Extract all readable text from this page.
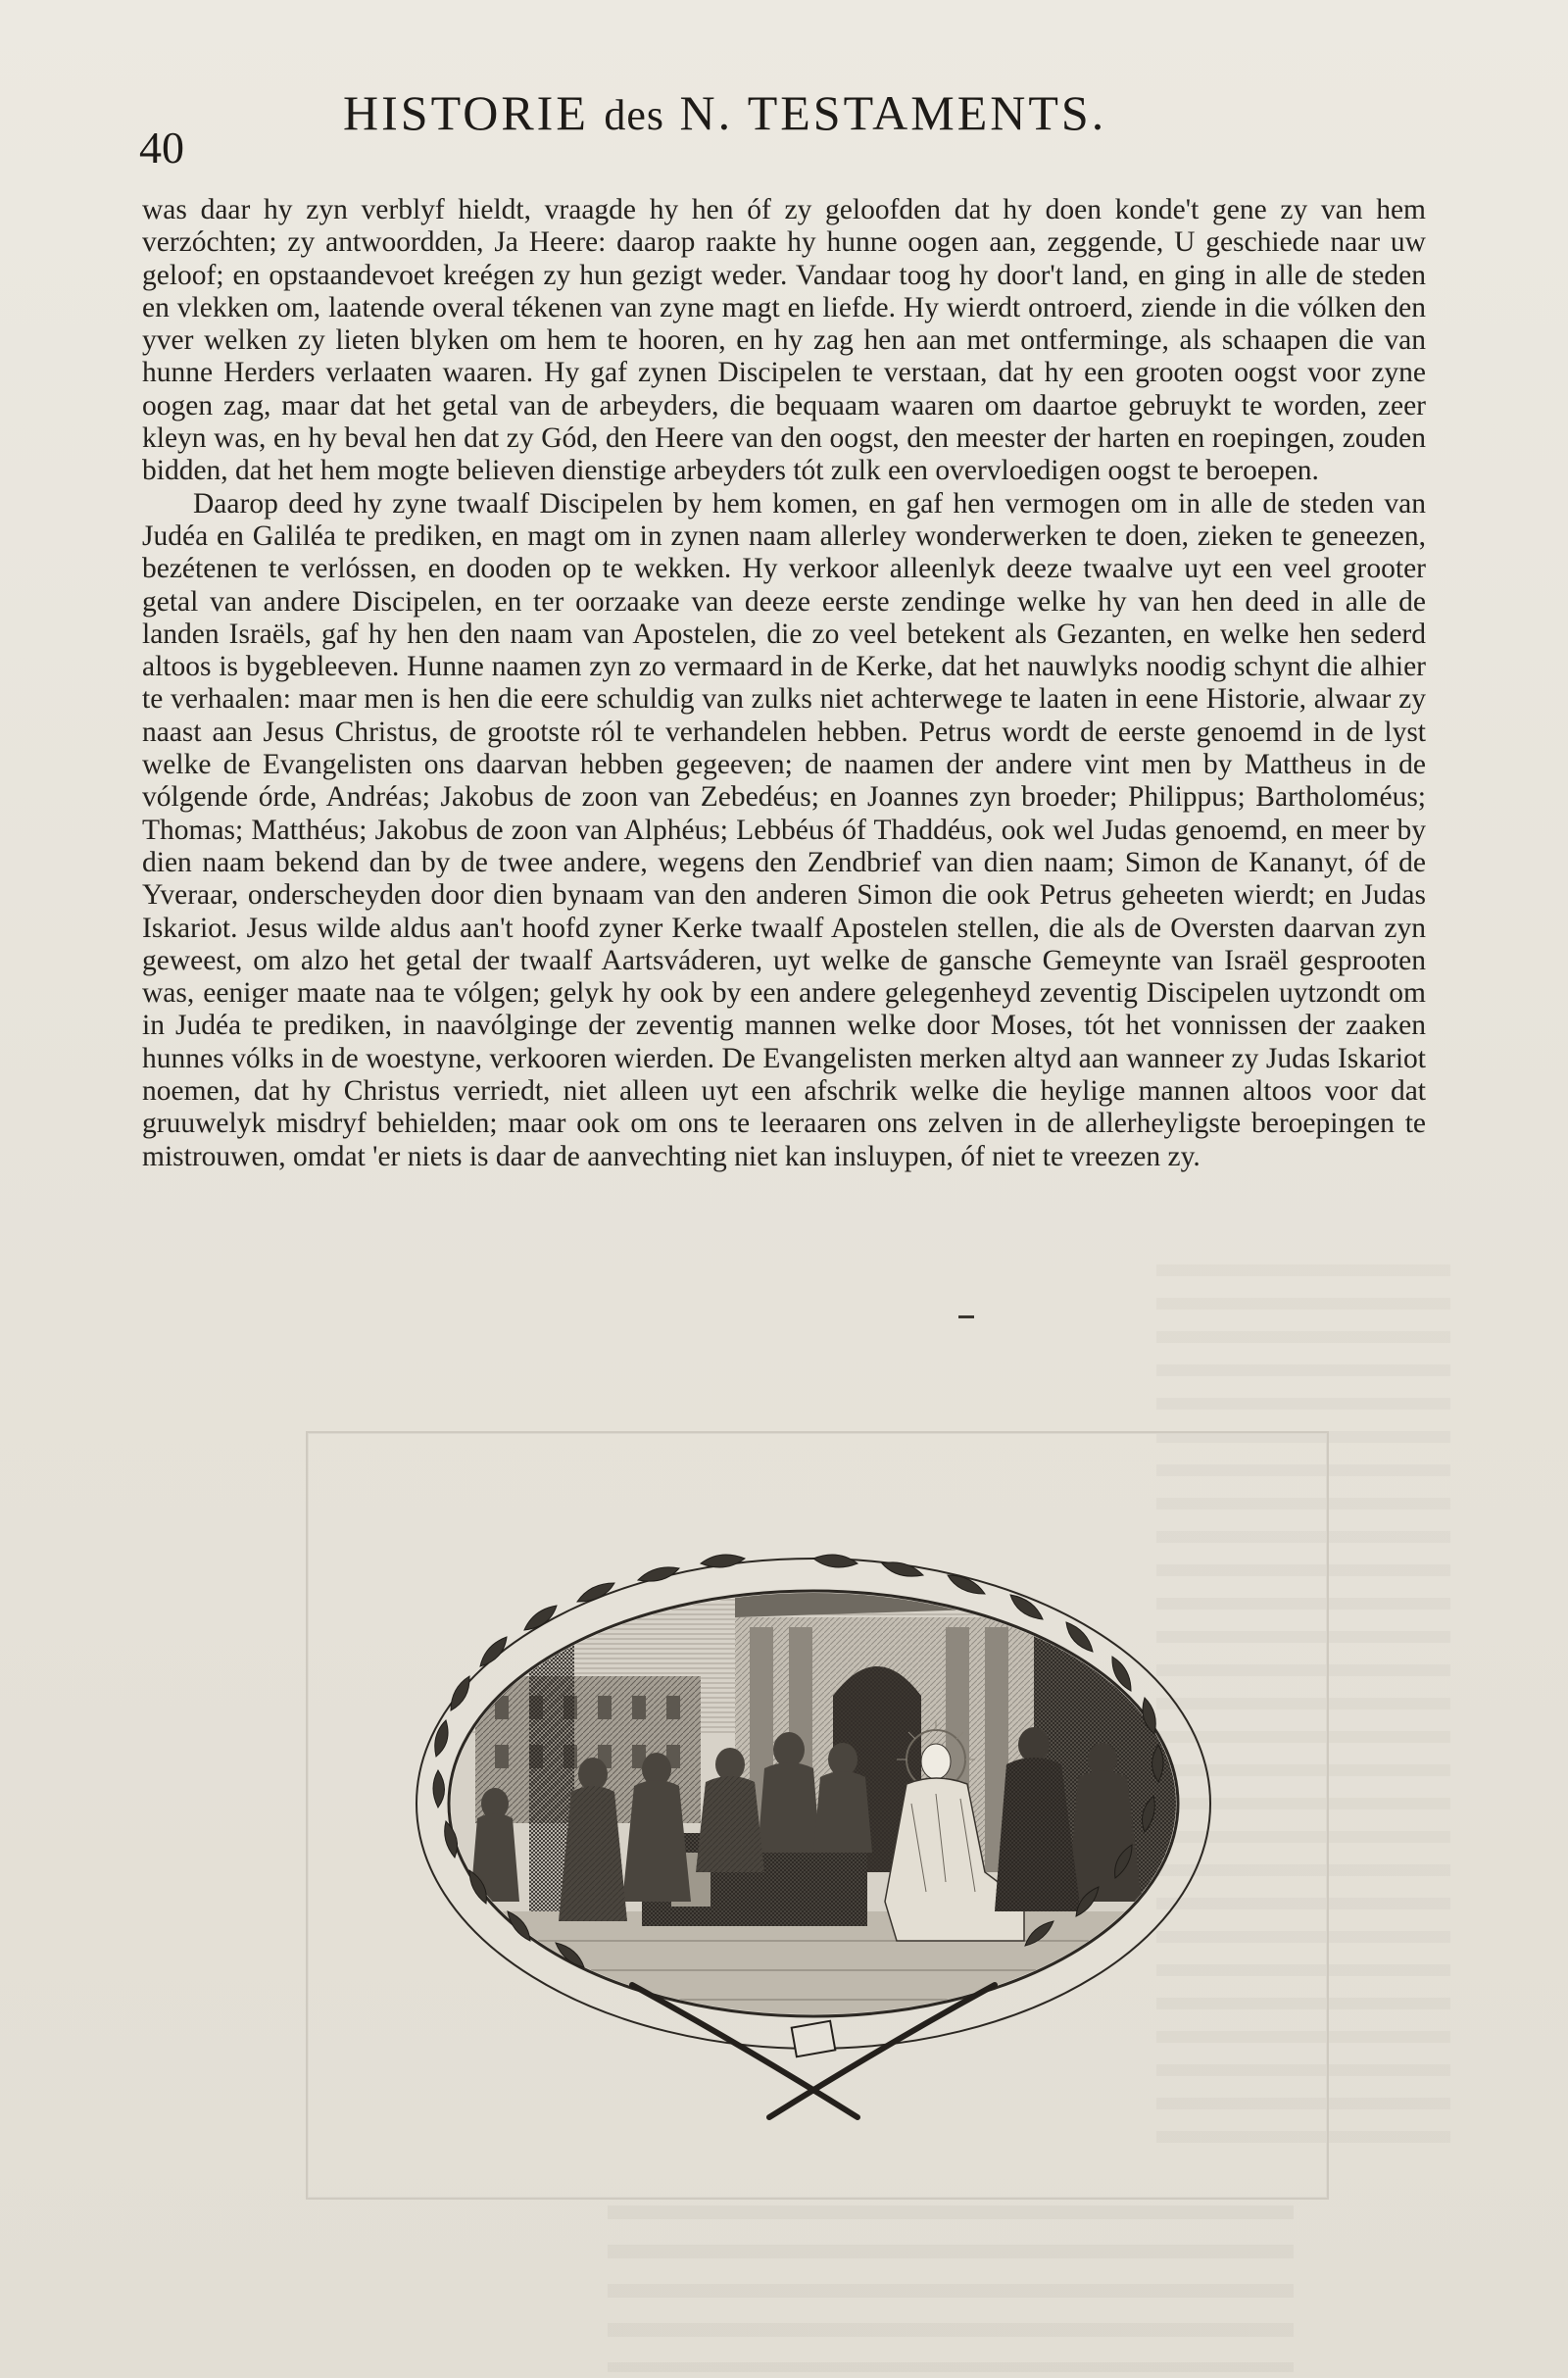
40
HISTORIE des N. TESTAMENTS.

was daar hy zyn verblyf hieldt, vraagde hy hen óf zy geloofden dat hy doen konde't gene zy van hem verzóchten; zy antwoordden, Ja Heere: daarop raakte hy hunne oogen aan, zeggende, U geschiede naar uw geloof; en opstaandevoet kreégen zy hun gezigt weder. Vandaar toog hy door't land, en ging in alle de steden en vlekken om, laatende overal tékenen van zyne magt en liefde. Hy wierdt ontroerd, ziende in die vólken den yver welken zy lieten blyken om hem te hooren, en hy zag hen aan met ontferminge, als schaapen die van hunne Herders verlaaten waaren. Hy gaf zynen Discipelen te verstaan, dat hy een grooten oogst voor zyne oogen zag, maar dat het getal van de arbeyders, die bequaam waaren om daartoe gebruykt te worden, zeer kleyn was, en hy beval hen dat zy Gód, den Heere van den oogst, den meester der harten en roepingen, zouden bidden, dat het hem mogte believen dienstige arbeyders tót zulk een overvloedigen oogst te beroepen.

Daarop deed hy zyne twaalf Discipelen by hem komen, en gaf hen vermogen om in alle de steden van Judéa en Galiléa te prediken, en magt om in zynen naam allerley wonderwerken te doen, zieken te geneezen, bezétenen te verlóssen, en dooden op te wekken. Hy verkoor alleenlyk deeze twaalve uyt een veel grooter getal van andere Discipelen, en ter oorzaake van deeze eerste zendinge welke hy van hen deed in alle de landen Israëls, gaf hy hen den naam van Apostelen, die zo veel betekent als Gezanten, en welke hen sederd altoos is bygebleeven. Hunne naamen zyn zo vermaard in de Kerke, dat het nauwlyks noodig schynt die alhier te verhaalen: maar men is hen die eere schuldig van zulks niet achterwege te laaten in eene Historie, alwaar zy naast aan Jesus Christus, de grootste ról te verhandelen hebben. Petrus wordt de eerste genoemd in de lyst welke de Evangelisten ons daarvan hebben gegeeven; de naamen der andere vint men by Mattheus in de vólgende órde, Andréas; Jakobus de zoon van Zebedéus; en Joannes zyn broeder; Philippus; Bartholoméus; Thomas; Matthéus; Jakobus de zoon van Alphéus; Lebbéus óf Thaddéus, ook wel Judas genoemd, en meer by dien naam bekend dan by de twee andere, wegens den Zendbrief van dien naam; Simon de Kananyt, óf de Yveraar, onderscheyden door dien bynaam van den anderen Simon die ook Petrus geheeten wierdt; en Judas Iskariot. Jesus wilde aldus aan't hoofd zyner Kerke twaalf Apostelen stellen, die als de Oversten daarvan zyn geweest, om alzo het getal der twaalf Aartsváderen, uyt welke de gansche Gemeynte van Israël gesprooten was, eeniger maate naa te vólgen; gelyk hy ook by een andere gelegenheyd zeventig Discipelen uytzondt om in Judéa te prediken, in naavólginge der zeventig mannen welke door Moses, tót het vonnissen der zaaken hunnes vólks in de woestyne, verkooren wierden. De Evangelisten merken altyd aan wanneer zy Judas Iskariot noemen, dat hy Christus verriedt, niet alleen uyt een afschrik welke die heylige mannen altoos voor dat gruuwelyk misdryf behielden; maar ook om ons te leeraaren ons zelven in de allerheyligste beroepingen te mistrouwen, omdat 'er niets is daar de aanvechting niet kan insluypen, óf niet te vreezen zy.
